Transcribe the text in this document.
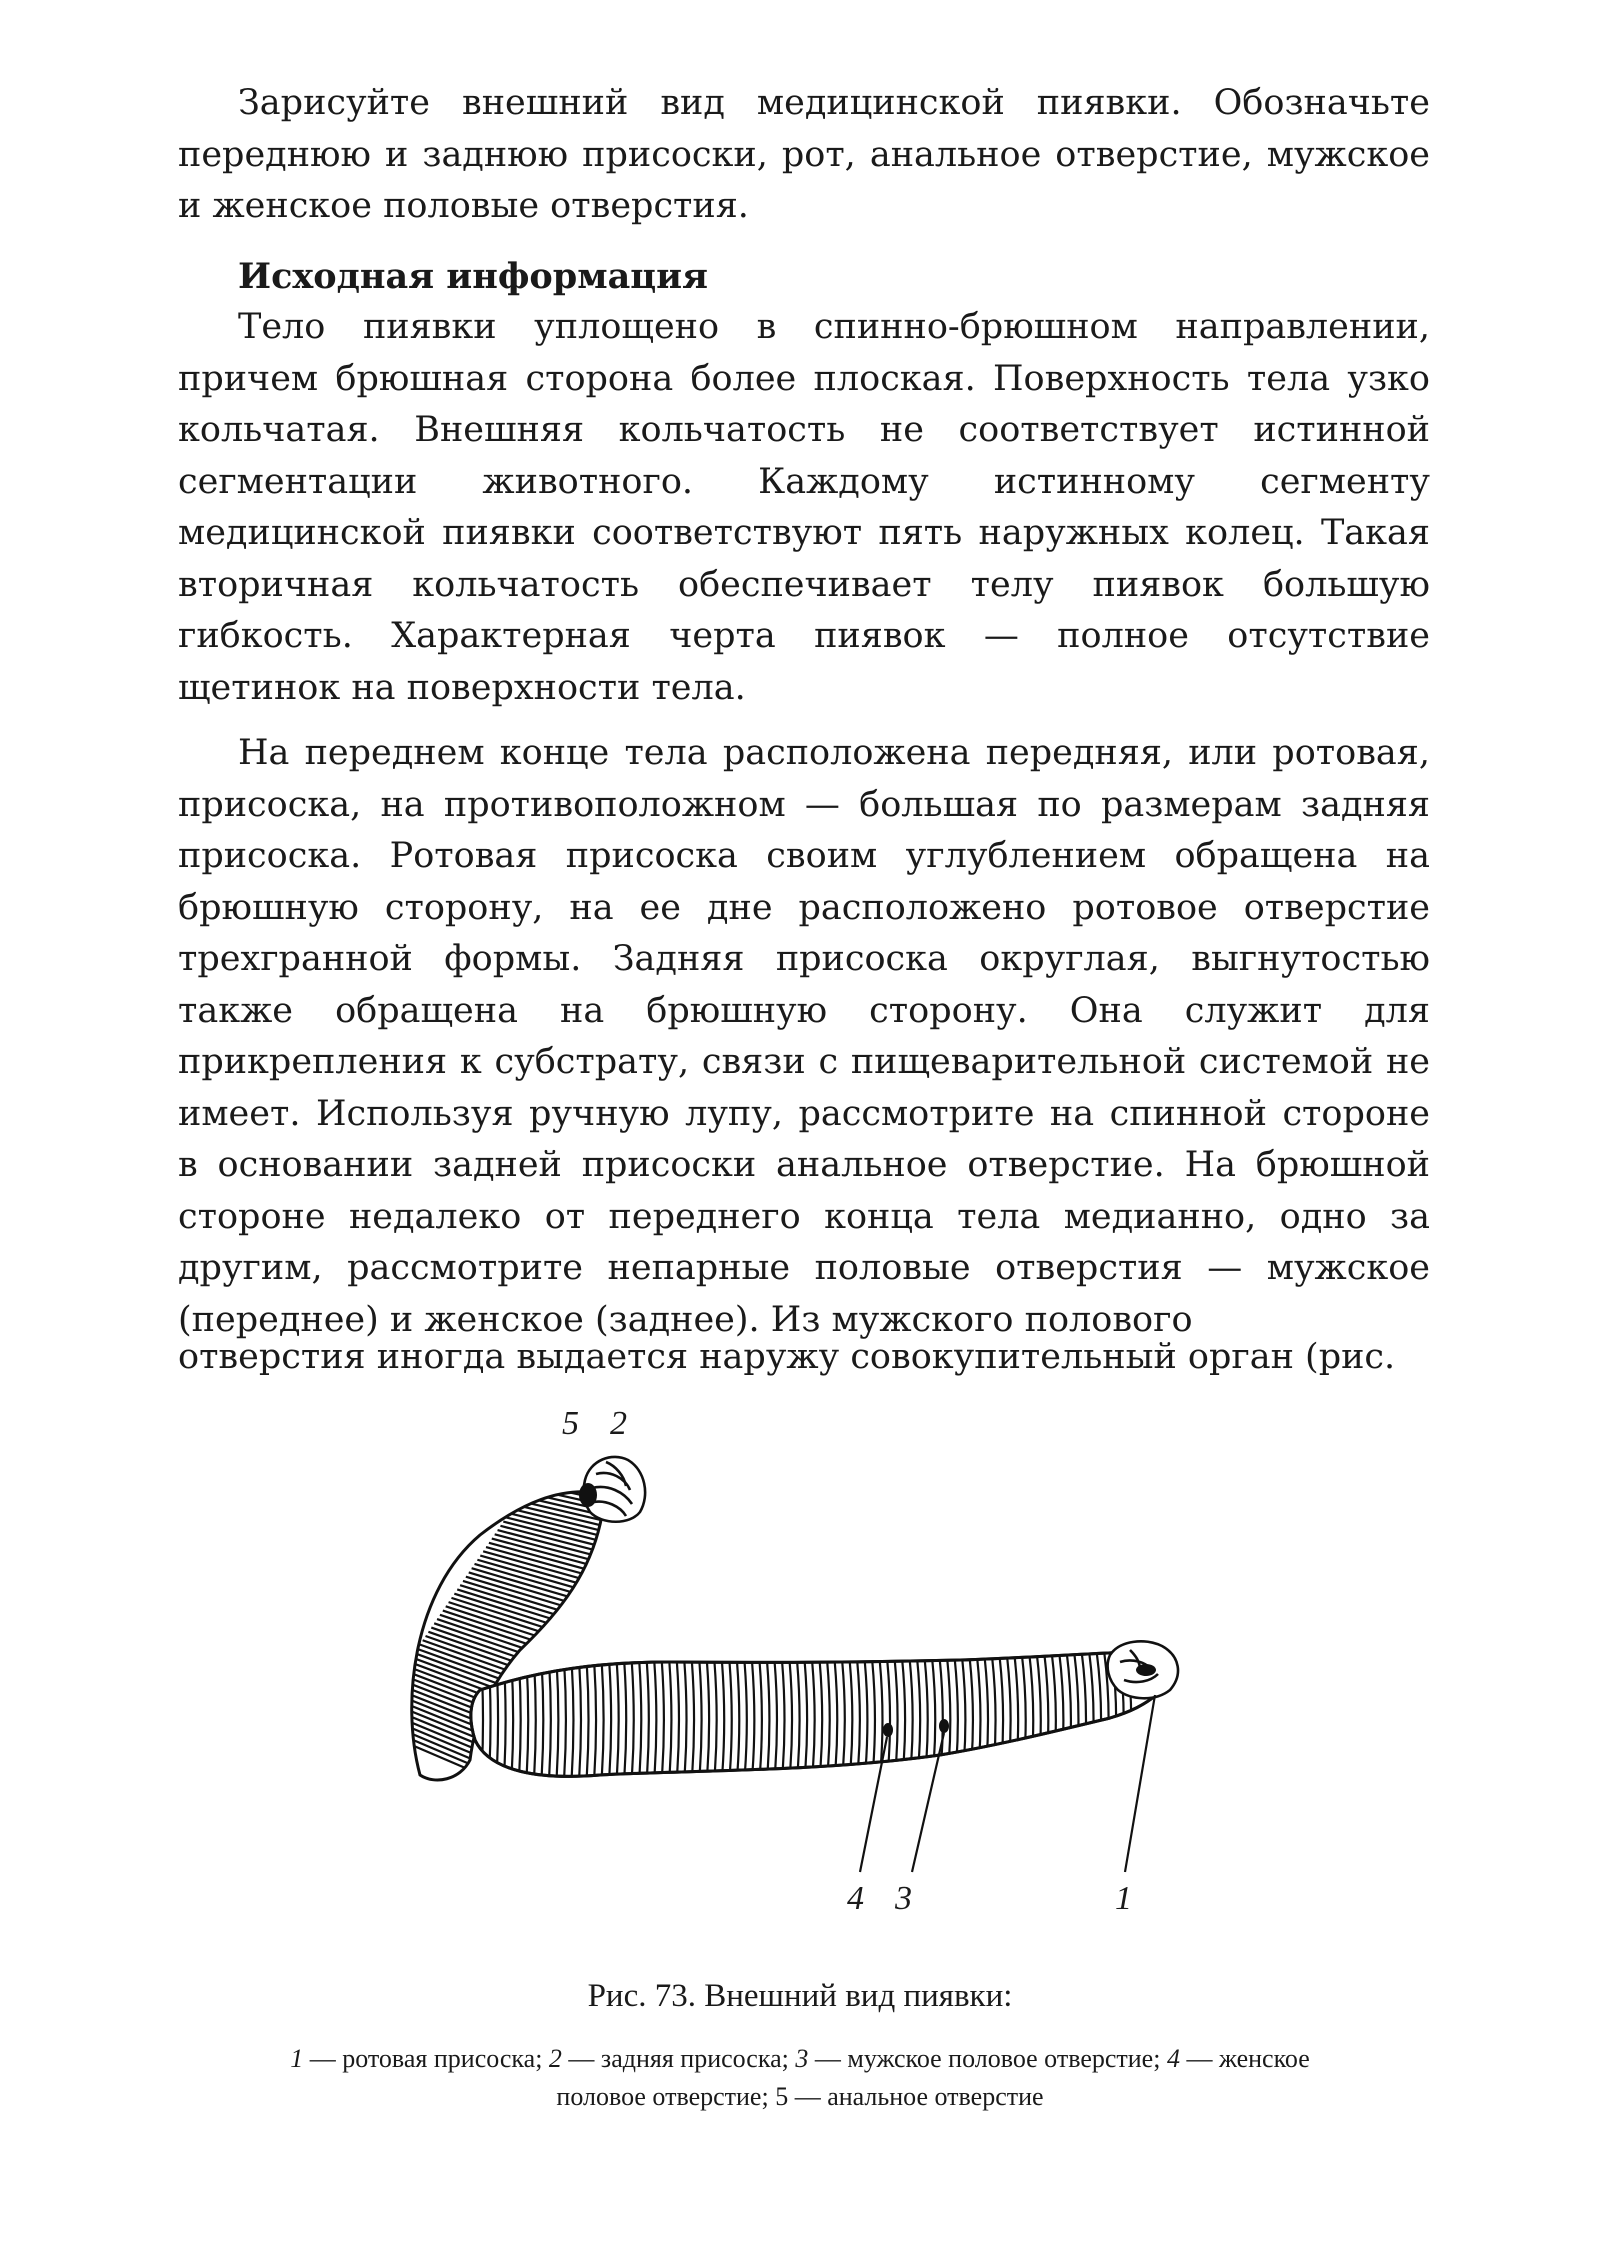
Зарисуйте внешний вид медицинской пиявки. Обозначьте переднюю и заднюю присоски, рот, анальное отверстие, мужское и женское половые отверстия.

Исходная информация

Тело пиявки уплощено в спинно-брюшном направлении, причем брюшная сторона более плоская. Поверхность тела узко кольчатая. Внешняя кольчатость не соответствует истинной сегментации животного. Каждому истинному сегменту медицинской пиявки соответствуют пять наружных колец. Такая вторичная кольчатость обеспечивает телу пиявок большую гибкость. Характерная черта пиявок — полное отсутствие щетинок на поверхности тела.

На переднем конце тела расположена передняя, или ротовая, присоска, на противоположном — большая по размерам задняя присоска. Ротовая присоска своим углублением обращена на брюшную сторону, на ее дне расположено ротовое отверстие трехгранной формы. Задняя присоска округлая, выгнутостью также обращена на брюшную сторону. Она служит для прикрепления к субстрату, связи с пищеварительной системой не имеет. Используя ручную лупу, рассмотрите на спинной стороне в основании задней присоски анальное отверстие. На брюшной стороне недалеко от переднего конца тела медианно, одно за другим, рассмотрите непарные половые отверстия — мужское (переднее) и женское (заднее). Из мужского полового

отверстия иногда выдается наружу совокупительный орган (рис.
5 2
4 3	1
Рис. 73. Внешний вид пиявки:
1 — ротовая присоска; 2 — задняя присоска; 3 — мужское половое отверстие; 4 — женское половое отверстие; 5 — анальное отверстие
